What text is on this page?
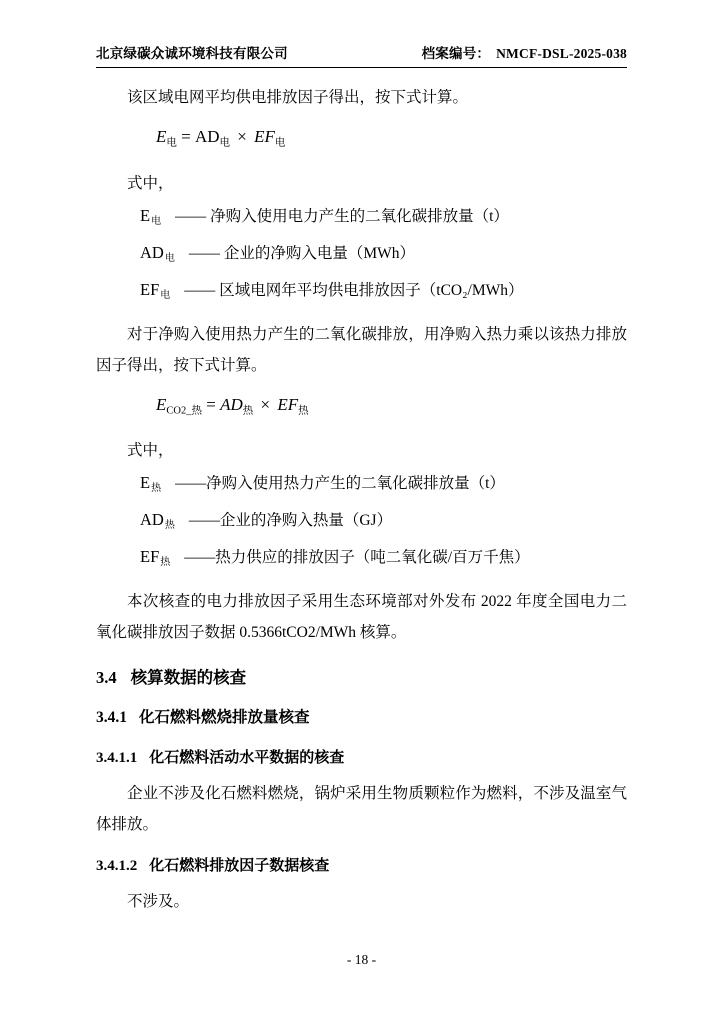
北京绿碳众诚环境科技有限公司	档案编号： NMCF-DSL-2025-038

该区域电网平均供电排放因子得出，按下式计算。

$E_电 = AD_电 \times EF_电$

式中，

$E_电$ —— 净购入使用电力产生的二氧化碳排放量（t）
$AD_电$ —— 企业的净购入电量（MWh）
$EF_电$ —— 区域电网年平均供电排放因子（tCO₂/MWh）

对于净购入使用热力产生的二氧化碳排放，用净购入热力乘以该热力排放因子得出，按下式计算。

$E_{CO2\_热} = AD_热 \times EF_热$

式中，

$E_热$ ——净购入使用热力产生的二氧化碳排放量（t）
$AD_热$ ——企业的净购入热量（GJ）
$EF_热$ ——热力供应的排放因子（吨二氧化碳/百万千焦）

本次核查的电力排放因子采用生态环境部对外发布 2022 年度全国电力二氧化碳排放因子数据 0.5366tCO2/MWh 核算。

3.4 核算数据的核查
3.4.1 化石燃料燃烧排放量核查
3.4.1.1 化石燃料活动水平数据的核查

企业不涉及化石燃料燃烧，锅炉采用生物质颗粒作为燃料，不涉及温室气体排放。

3.4.1.2 化石燃料排放因子数据核查

不涉及。

- 18 -
